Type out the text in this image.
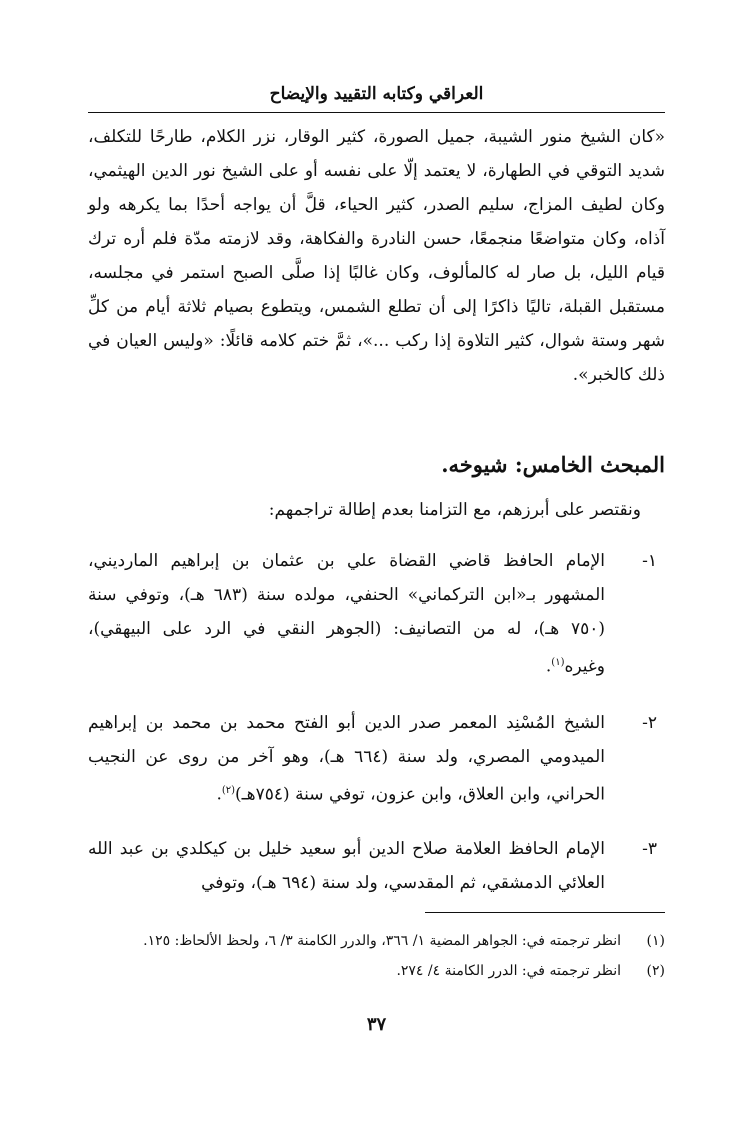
العراقي وكتابه التقييد والإيضاح
«كان الشيخ منور الشيبة، جميل الصورة، كثير الوقار، نزر الكلام، طارحًا للتكلف، شديد التوقي في الطهارة، لا يعتمد إلّا على نفسه أو على الشيخ نور الدين الهيثمي، وكان لطيف المزاج، سليم الصدر، كثير الحياء، قلَّ أن يواجه أحدًا بما يكرهه ولو آذاه، وكان متواضعًا منجمعًا، حسن النادرة والفكاهة، وقد لازمته مدّة فلم أره ترك قيام الليل، بل صار له كالمألوف، وكان غالبًا إذا صلَّى الصبح استمر في مجلسه، مستقبل القبلة، تاليًا ذاكرًا إلى أن تطلع الشمس، ويتطوع بصيام ثلاثة أيام من كلِّ شهر وستة شوال، كثير التلاوة إذا ركب ...»، ثمَّ ختم كلامه قائلًا: «وليس العيان في ذلك كالخبر».
المبحث الخامس: شيوخه.
ونقتصر على أبرزهم، مع التزامنا بعدم إطالة تراجمهم:
١-
الإمام الحافظ قاضي القضاة علي بن عثمان بن إبراهيم المارديني، المشهور بـ«ابن التركماني» الحنفي، مولده سنة (٦٨٣ هـ)، وتوفي سنة (٧٥٠ هـ)، له من التصانيف: (الجوهر النقي في الرد على البيهقي)، وغيره$^{(١)}$.
٢-
الشيخ المُسْنِد المعمر صدر الدين أبو الفتح محمد بن محمد بن إبراهيم الميدومي المصري، ولد سنة (٦٦٤ هـ)، وهو آخر من روى عن النجيب الحراني، وابن العلاق، وابن عزون، توفي سنة (٧٥٤هـ)$^{(٢)}$.
٣-
الإمام الحافظ العلامة صلاح الدين أبو سعيد خليل بن كيكلدي بن عبد الله العلائي الدمشقي، ثم المقدسي، ولد سنة (٦٩٤ هـ)، وتوفي
(١)انظر ترجمته في: الجواهر المضية ١/ ٣٦٦، والدرر الكامنة ٣/ ٦، ولحظ الألحاظ: ١٢٥.
(٢)انظر ترجمته في: الدرر الكامنة ٤/ ٢٧٤.
٣٧
